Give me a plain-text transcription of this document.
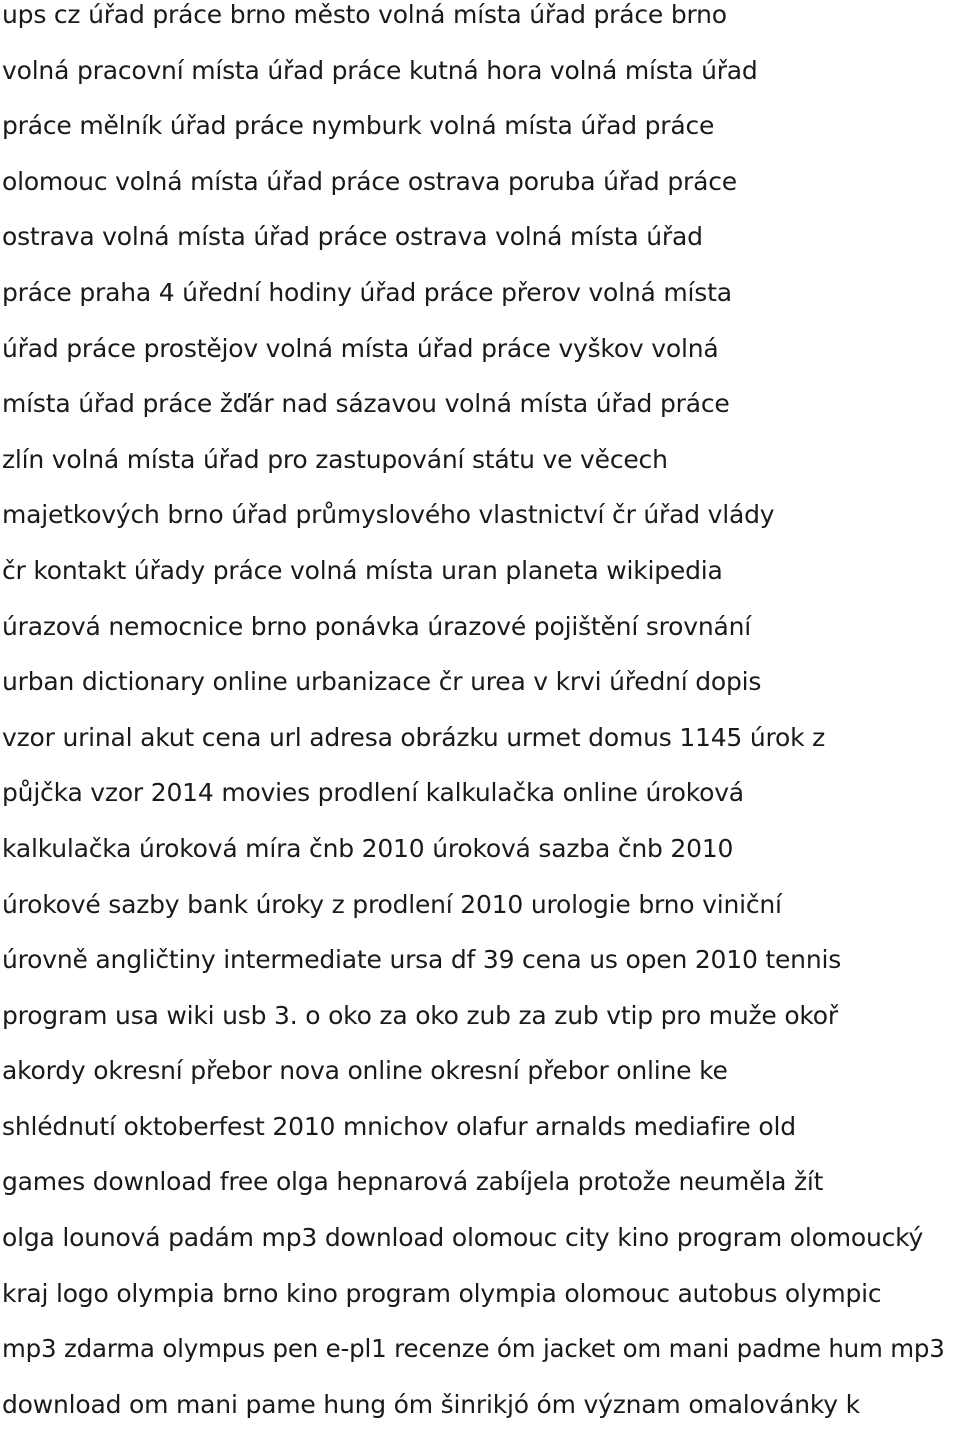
ups cz úřad práce brno město volná místa úřad práce brno
volná pracovní místa úřad práce kutná hora volná místa úřad
práce mělník úřad práce nymburk volná místa úřad práce
olomouc volná místa úřad práce ostrava poruba úřad práce
ostrava volná místa úřad práce ostrava volná místa úřad
práce praha 4 úřední hodiny úřad práce přerov volná místa
úřad práce prostějov volná místa úřad práce vyškov volná
místa úřad práce žďár nad sázavou volná místa úřad práce
zlín volná místa úřad pro zastupování státu ve věcech
majetkových brno úřad průmyslového vlastnictví čr úřad vlády
čr kontakt úřady práce volná místa uran planeta wikipedia
úrazová nemocnice brno ponávka úrazové pojištění srovnání
urban dictionary online urbanizace čr urea v krvi úřední dopis
vzor urinal akut cena url adresa obrázku urmet domus 1145 úrok z
půjčka vzor 2014 movies prodlení kalkulačka online úroková
kalkulačka úroková míra čnb 2010 úroková sazba čnb 2010
úrokové sazby bank úroky z prodlení 2010 urologie brno viniční
úrovně angličtiny intermediate ursa df 39 cena us open 2010 tennis
program usa wiki usb 3. o oko za oko zub za zub vtip pro muže okoř
akordy okresní přebor nova online okresní přebor online ke
shlédnutí oktoberfest 2010 mnichov olafur arnalds mediafire old
games download free olga hepnarová zabíjela protože neuměla žít
olga lounová padám mp3 download olomouc city kino program olomoucký
kraj logo olympia brno kino program olympia olomouc autobus olympic
mp3 zdarma olympus pen e-pl1 recenze óm jacket om mani padme hum mp3
download om mani pame hung óm šinrikjó óm význam omalovánky k
